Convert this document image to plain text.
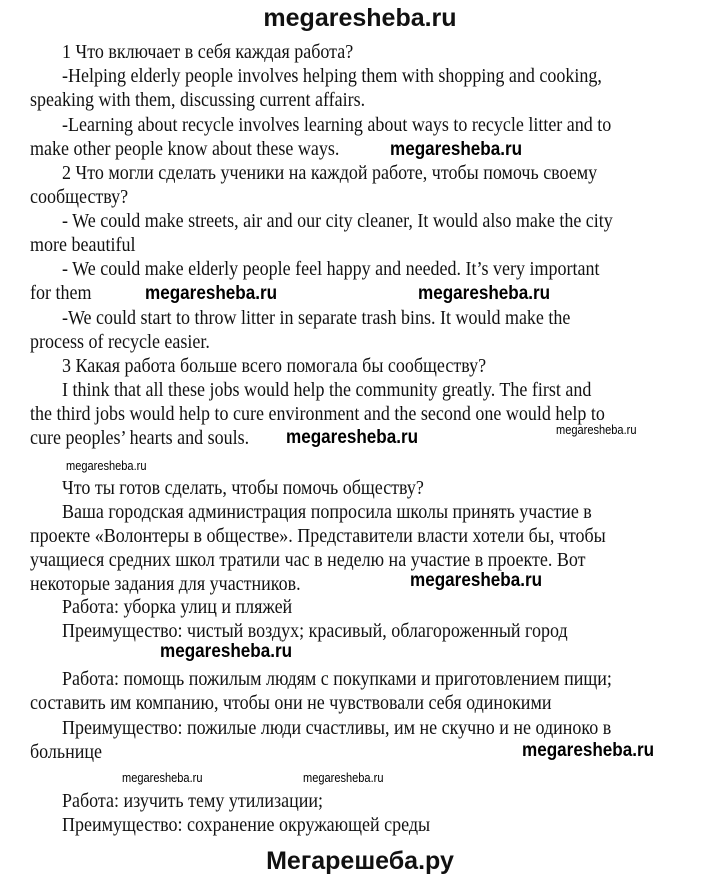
megaresheba.ru
1 Что включает в себя каждая работа?
-Helping elderly people involves helping them with shopping and cooking,
speaking with them, discussing current affairs.
-Learning about recycle involves learning about ways to recycle litter and to
make other people know about these ways.
2 Что могли сделать ученики на каждой работе, чтобы помочь своему
сообществу?
- We could make streets, air and our city cleaner, It would also make the city
more beautiful
- We could make elderly people feel happy and needed. It’s very important
for them
-We could start to throw litter in separate trash bins. It would make the
process of recycle easier.
3 Какая работа больше всего помогала бы сообществу?
I think that all these jobs would help the community greatly. The first and
the third jobs would help to cure environment and the second one would help to
cure peoples’ hearts and souls.
Что ты готов сделать, чтобы помочь обществу?
Ваша городская администрация попросила школы принять участие в
проекте «Волонтеры в обществе». Представители власти хотели бы, чтобы
учащиеся средних школ тратили час в неделю на участие в проекте. Вот
некоторые задания для участников.
Работа: уборка улиц и пляжей
Преимущество: чистый воздух; красивый, облагороженный город
Работа: помощь пожилым людям с покупками и приготовлением пищи;
составить им компанию, чтобы они не чувствовали себя одинокими
Преимущество: пожилые люди счастливы, им не скучно и не одиноко в
больнице
Работа: изучить тему утилизации;
Преимущество: сохранение окружающей среды
megaresheba.ru
megaresheba.ru	megaresheba.ru
megaresheba.ru	megaresheba.ru
megaresheba.ru
megaresheba.ru
megaresheba.ru
megaresheba.ru
megaresheba.ru	megaresheba.ru
Мегарешеба.ру
